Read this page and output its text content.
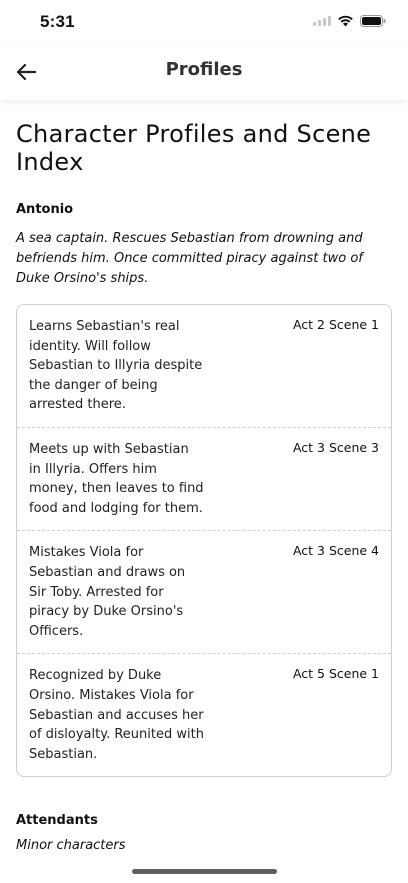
5:31
Profiles
Character Profiles and Scene Index
Antonio
A sea captain. Rescues Sebastian from drowning and befriends him. Once committed piracy against two of Duke Orsino's ships.
Learns Sebastian's real identity. Will follow Sebastian to Illyria despite the danger of being arrested there.
Act 2 Scene 1
Meets up with Sebastian in Illyria. Offers him money, then leaves to find food and lodging for them.
Act 3 Scene 3
Mistakes Viola for Sebastian and draws on Sir Toby. Arrested for piracy by Duke Orsino's Officers.
Act 3 Scene 4
Recognized by Duke Orsino. Mistakes Viola for Sebastian and accuses her of disloyalty. Reunited with Sebastian.
Act 5 Scene 1
Attendants
Minor characters
